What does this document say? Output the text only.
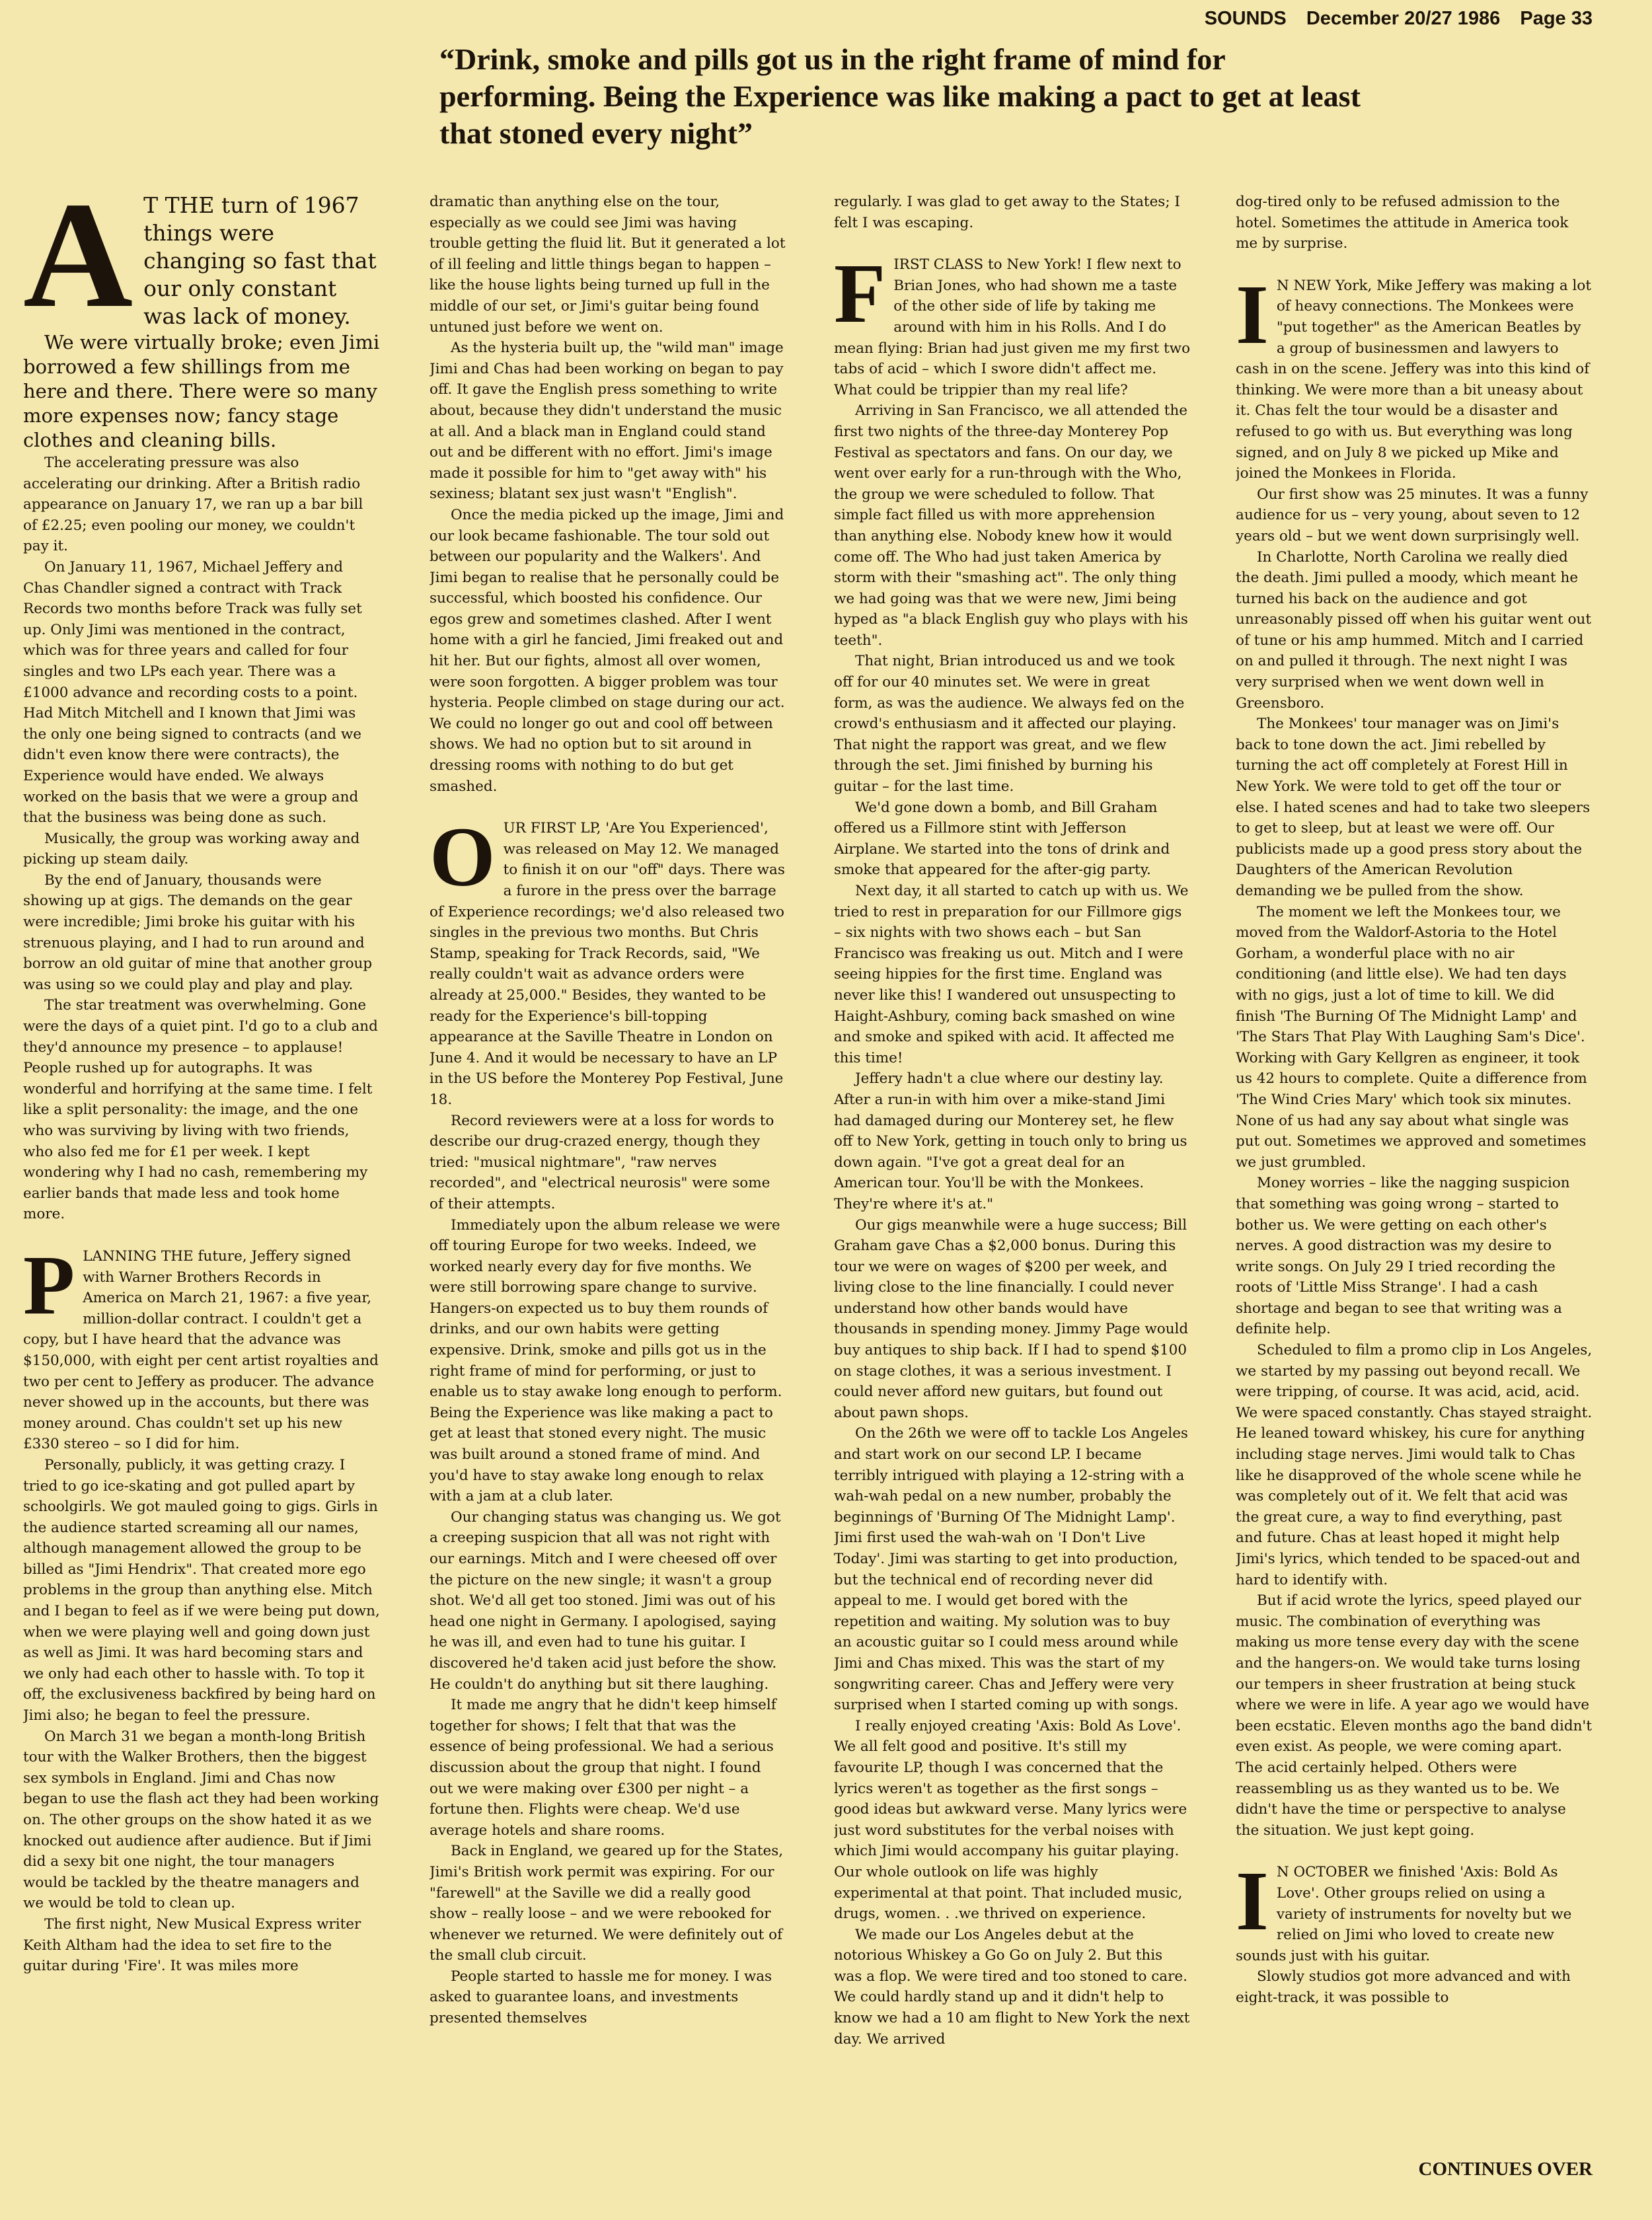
SOUNDS December 20/27 1986 Page 33
“Drink, smoke and pills got us in the right frame of mind for performing. Being the Experience was like making a pact to get at least that stoned every night”

A T THE turn of 1967 things were changing so fast that our only constant was lack of money.

We were virtually broke; even Jimi borrowed a few shillings from me here and there. There were so many more expenses now; fancy stage clothes and cleaning bills.

The accelerating pressure was also accelerating our drinking. After a British radio appearance on January 17, we ran up a bar bill of £2.25; even pooling our money, we couldn't pay it.

On January 11, 1967, Michael Jeffery and Chas Chandler signed a contract with Track Records two months before Track was fully set up. Only Jimi was mentioned in the contract, which was for three years and called for four singles and two LPs each year. There was a £1000 advance and recording costs to a point. Had Mitch Mitchell and I known that Jimi was the only one being signed to contracts (and we didn't even know there were contracts), the Experience would have ended. We always worked on the basis that we were a group and that the business was being done as such.

Musically, the group was working away and picking up steam daily.

By the end of January, thousands were showing up at gigs. The demands on the gear were incredible; Jimi broke his guitar with his strenuous playing, and I had to run around and borrow an old guitar of mine that another group was using so we could play and play and play.

The star treatment was overwhelming. Gone were the days of a quiet pint. I'd go to a club and they'd announce my presence – to applause! People rushed up for autographs. It was wonderful and horrifying at the same time. I felt like a split personality: the image, and the one who was surviving by living with two friends, who also fed me for £1 per week. I kept wondering why I had no cash, remembering my earlier bands that made less and took home more.

PLANNING THE future, Jeffery signed with Warner Brothers Records in America on March 21, 1967: a five year, million-dollar contract. I couldn't get a copy, but I have heard that the advance was $150,000, with eight per cent artist royalties and two per cent to Jeffery as producer. The advance never showed up in the accounts, but there was money around. Chas couldn't set up his new £330 stereo – so I did for him.

Personally, publicly, it was getting crazy. I tried to go ice-skating and got pulled apart by schoolgirls. We got mauled going to gigs. Girls in the audience started screaming all our names, although management allowed the group to be billed as "Jimi Hendrix". That created more ego problems in the group than anything else. Mitch and I began to feel as if we were being put down, when we were playing well and going down just as well as Jimi. It was hard becoming stars and we only had each other to hassle with. To top it off, the exclusiveness backfired by being hard on Jimi also; he began to feel the pressure.

On March 31 we began a month-long British tour with the Walker Brothers, then the biggest sex symbols in England. Jimi and Chas now began to use the flash act they had been working on. The other groups on the show hated it as we knocked out audience after audience. But if Jimi did a sexy bit one night, the tour managers would be tackled by the theatre managers and we would be told to clean up.

The first night, New Musical Express writer Keith Altham had the idea to set fire to the guitar during 'Fire'. It was miles more

dramatic than anything else on the tour, especially as we could see Jimi was having trouble getting the fluid lit. But it generated a lot of ill feeling and little things began to happen – like the house lights being turned up full in the middle of our set, or Jimi's guitar being found untuned just before we went on.

As the hysteria built up, the "wild man" image Jimi and Chas had been working on began to pay off. It gave the English press something to write about, because they didn't understand the music at all. And a black man in England could stand out and be different with no effort. Jimi's image made it possible for him to "get away with" his sexiness; blatant sex just wasn't "English".

Once the media picked up the image, Jimi and our look became fashionable. The tour sold out between our popularity and the Walkers'. And Jimi began to realise that he personally could be successful, which boosted his confidence. Our egos grew and sometimes clashed. After I went home with a girl he fancied, Jimi freaked out and hit her. But our fights, almost all over women, were soon forgotten. A bigger problem was tour hysteria. People climbed on stage during our act. We could no longer go out and cool off between shows. We had no option but to sit around in dressing rooms with nothing to do but get smashed.

OUR FIRST LP, 'Are You Experienced', was released on May 12. We managed to finish it on our "off" days. There was a furore in the press over the barrage of Experience recordings; we'd also released two singles in the previous two months. But Chris Stamp, speaking for Track Records, said, "We really couldn't wait as advance orders were already at 25,000." Besides, they wanted to be ready for the Experience's bill-topping appearance at the Saville Theatre in London on June 4. And it would be necessary to have an LP in the US before the Monterey Pop Festival, June 18.

Record reviewers were at a loss for words to describe our drug-crazed energy, though they tried: "musical nightmare", "raw nerves recorded", and "electrical neurosis" were some of their attempts.

Immediately upon the album release we were off touring Europe for two weeks. Indeed, we worked nearly every day for five months. We were still borrowing spare change to survive. Hangers-on expected us to buy them rounds of drinks, and our own habits were getting expensive. Drink, smoke and pills got us in the right frame of mind for performing, or just to enable us to stay awake long enough to perform. Being the Experience was like making a pact to get at least that stoned every night. The music was built around a stoned frame of mind. And you'd have to stay awake long enough to relax with a jam at a club later.

Our changing status was changing us. We got a creeping suspicion that all was not right with our earnings. Mitch and I were cheesed off over the picture on the new single; it wasn't a group shot. We'd all get too stoned. Jimi was out of his head one night in Germany. I apologised, saying he was ill, and even had to tune his guitar. I discovered he'd taken acid just before the show. He couldn't do anything but sit there laughing.

It made me angry that he didn't keep himself together for shows; I felt that that was the essence of being professional. We had a serious discussion about the group that night. I found out we were making over £300 per night – a fortune then. Flights were cheap. We'd use average hotels and share rooms.

Back in England, we geared up for the States, Jimi's British work permit was expiring. For our "farewell" at the Saville we did a really good show – really loose – and we were rebooked for whenever we returned. We were definitely out of the small club circuit.

People started to hassle me for money. I was asked to guarantee loans, and investments presented themselves

regularly. I was glad to get away to the States; I felt I was escaping.

FIRST CLASS to New York! I flew next to Brian Jones, who had shown me a taste of the other side of life by taking me around with him in his Rolls. And I do mean flying: Brian had just given me my first two tabs of acid – which I swore didn't affect me. What could be trippier than my real life?

Arriving in San Francisco, we all attended the first two nights of the three-day Monterey Pop Festival as spectators and fans. On our day, we went over early for a run-through with the Who, the group we were scheduled to follow. That simple fact filled us with more apprehension than anything else. Nobody knew how it would come off. The Who had just taken America by storm with their "smashing act". The only thing we had going was that we were new, Jimi being hyped as "a black English guy who plays with his teeth".

That night, Brian introduced us and we took off for our 40 minutes set. We were in great form, as was the audience. We always fed on the crowd's enthusiasm and it affected our playing. That night the rapport was great, and we flew through the set. Jimi finished by burning his guitar – for the last time.

We'd gone down a bomb, and Bill Graham offered us a Fillmore stint with Jefferson Airplane. We started into the tons of drink and smoke that appeared for the after-gig party.

Next day, it all started to catch up with us. We tried to rest in preparation for our Fillmore gigs – six nights with two shows each – but San Francisco was freaking us out. Mitch and I were seeing hippies for the first time. England was never like this! I wandered out unsuspecting to Haight-Ashbury, coming back smashed on wine and smoke and spiked with acid. It affected me this time!

Jeffery hadn't a clue where our destiny lay. After a run-in with him over a mike-stand Jimi had damaged during our Monterey set, he flew off to New York, getting in touch only to bring us down again. "I've got a great deal for an American tour. You'll be with the Monkees. They're where it's at."

Our gigs meanwhile were a huge success; Bill Graham gave Chas a $2,000 bonus. During this tour we were on wages of $200 per week, and living close to the line financially. I could never understand how other bands would have thousands in spending money. Jimmy Page would buy antiques to ship back. If I had to spend $100 on stage clothes, it was a serious investment. I could never afford new guitars, but found out about pawn shops.

On the 26th we were off to tackle Los Angeles and start work on our second LP. I became terribly intrigued with playing a 12-string with a wah-wah pedal on a new number, probably the beginnings of 'Burning Of The Midnight Lamp'. Jimi first used the wah-wah on 'I Don't Live Today'. Jimi was starting to get into production, but the technical end of recording never did appeal to me. I would get bored with the repetition and waiting. My solution was to buy an acoustic guitar so I could mess around while Jimi and Chas mixed. This was the start of my songwriting career. Chas and Jeffery were very surprised when I started coming up with songs.

I really enjoyed creating 'Axis: Bold As Love'. We all felt good and positive. It's still my favourite LP, though I was concerned that the lyrics weren't as together as the first songs – good ideas but awkward verse. Many lyrics were just word substitutes for the verbal noises with which Jimi would accompany his guitar playing. Our whole outlook on life was highly experimental at that point. That included music, drugs, women. . .we thrived on experience.

We made our Los Angeles debut at the notorious Whiskey a Go Go on July 2. But this was a flop. We were tired and too stoned to care. We could hardly stand up and it didn't help to know we had a 10 am flight to New York the next day. We arrived

dog-tired only to be refused admission to the hotel. Sometimes the attitude in America took me by surprise.

I N NEW York, Mike Jeffery was making a lot of heavy connections. The Monkees were "put together" as the American Beatles by a group of businessmen and lawyers to cash in on the scene. Jeffery was into this kind of thinking. We were more than a bit uneasy about it. Chas felt the tour would be a disaster and refused to go with us. But everything was long signed, and on July 8 we picked up Mike and joined the Monkees in Florida.

Our first show was 25 minutes. It was a funny audience for us – very young, about seven to 12 years old – but we went down surprisingly well.

In Charlotte, North Carolina we really died the death. Jimi pulled a moody, which meant he turned his back on the audience and got unreasonably pissed off when his guitar went out of tune or his amp hummed. Mitch and I carried on and pulled it through. The next night I was very surprised when we went down well in Greensboro.

The Monkees' tour manager was on Jimi's back to tone down the act. Jimi rebelled by turning the act off completely at Forest Hill in New York. We were told to get off the tour or else. I hated scenes and had to take two sleepers to get to sleep, but at least we were off. Our publicists made up a good press story about the Daughters of the American Revolution demanding we be pulled from the show.

The moment we left the Monkees tour, we moved from the Waldorf-Astoria to the Hotel Gorham, a wonderful place with no air conditioning (and little else). We had ten days with no gigs, just a lot of time to kill. We did finish 'The Burning Of The Midnight Lamp' and 'The Stars That Play With Laughing Sam's Dice'. Working with Gary Kellgren as engineer, it took us 42 hours to complete. Quite a difference from 'The Wind Cries Mary' which took six minutes. None of us had any say about what single was put out. Sometimes we approved and sometimes we just grumbled.

Money worries – like the nagging suspicion that something was going wrong – started to bother us. We were getting on each other's nerves. A good distraction was my desire to write songs. On July 29 I tried recording the roots of 'Little Miss Strange'. I had a cash shortage and began to see that writing was a definite help.

Scheduled to film a promo clip in Los Angeles, we started by my passing out beyond recall. We were tripping, of course. It was acid, acid, acid. We were spaced constantly. Chas stayed straight. He leaned toward whiskey, his cure for anything including stage nerves. Jimi would talk to Chas like he disapproved of the whole scene while he was completely out of it. We felt that acid was the great cure, a way to find everything, past and future. Chas at least hoped it might help Jimi's lyrics, which tended to be spaced-out and hard to identify with.

But if acid wrote the lyrics, speed played our music. The combination of everything was making us more tense every day with the scene and the hangers-on. We would take turns losing our tempers in sheer frustration at being stuck where we were in life. A year ago we would have been ecstatic. Eleven months ago the band didn't even exist. As people, we were coming apart. The acid certainly helped. Others were reassembling us as they wanted us to be. We didn't have the time or perspective to analyse the situation. We just kept going.

I N OCTOBER we finished 'Axis: Bold As Love'. Other groups relied on using a variety of instruments for novelty but we relied on Jimi who loved to create new sounds just with his guitar.

Slowly studios got more advanced and with eight-track, it was possible to

CONTINUES OVER
